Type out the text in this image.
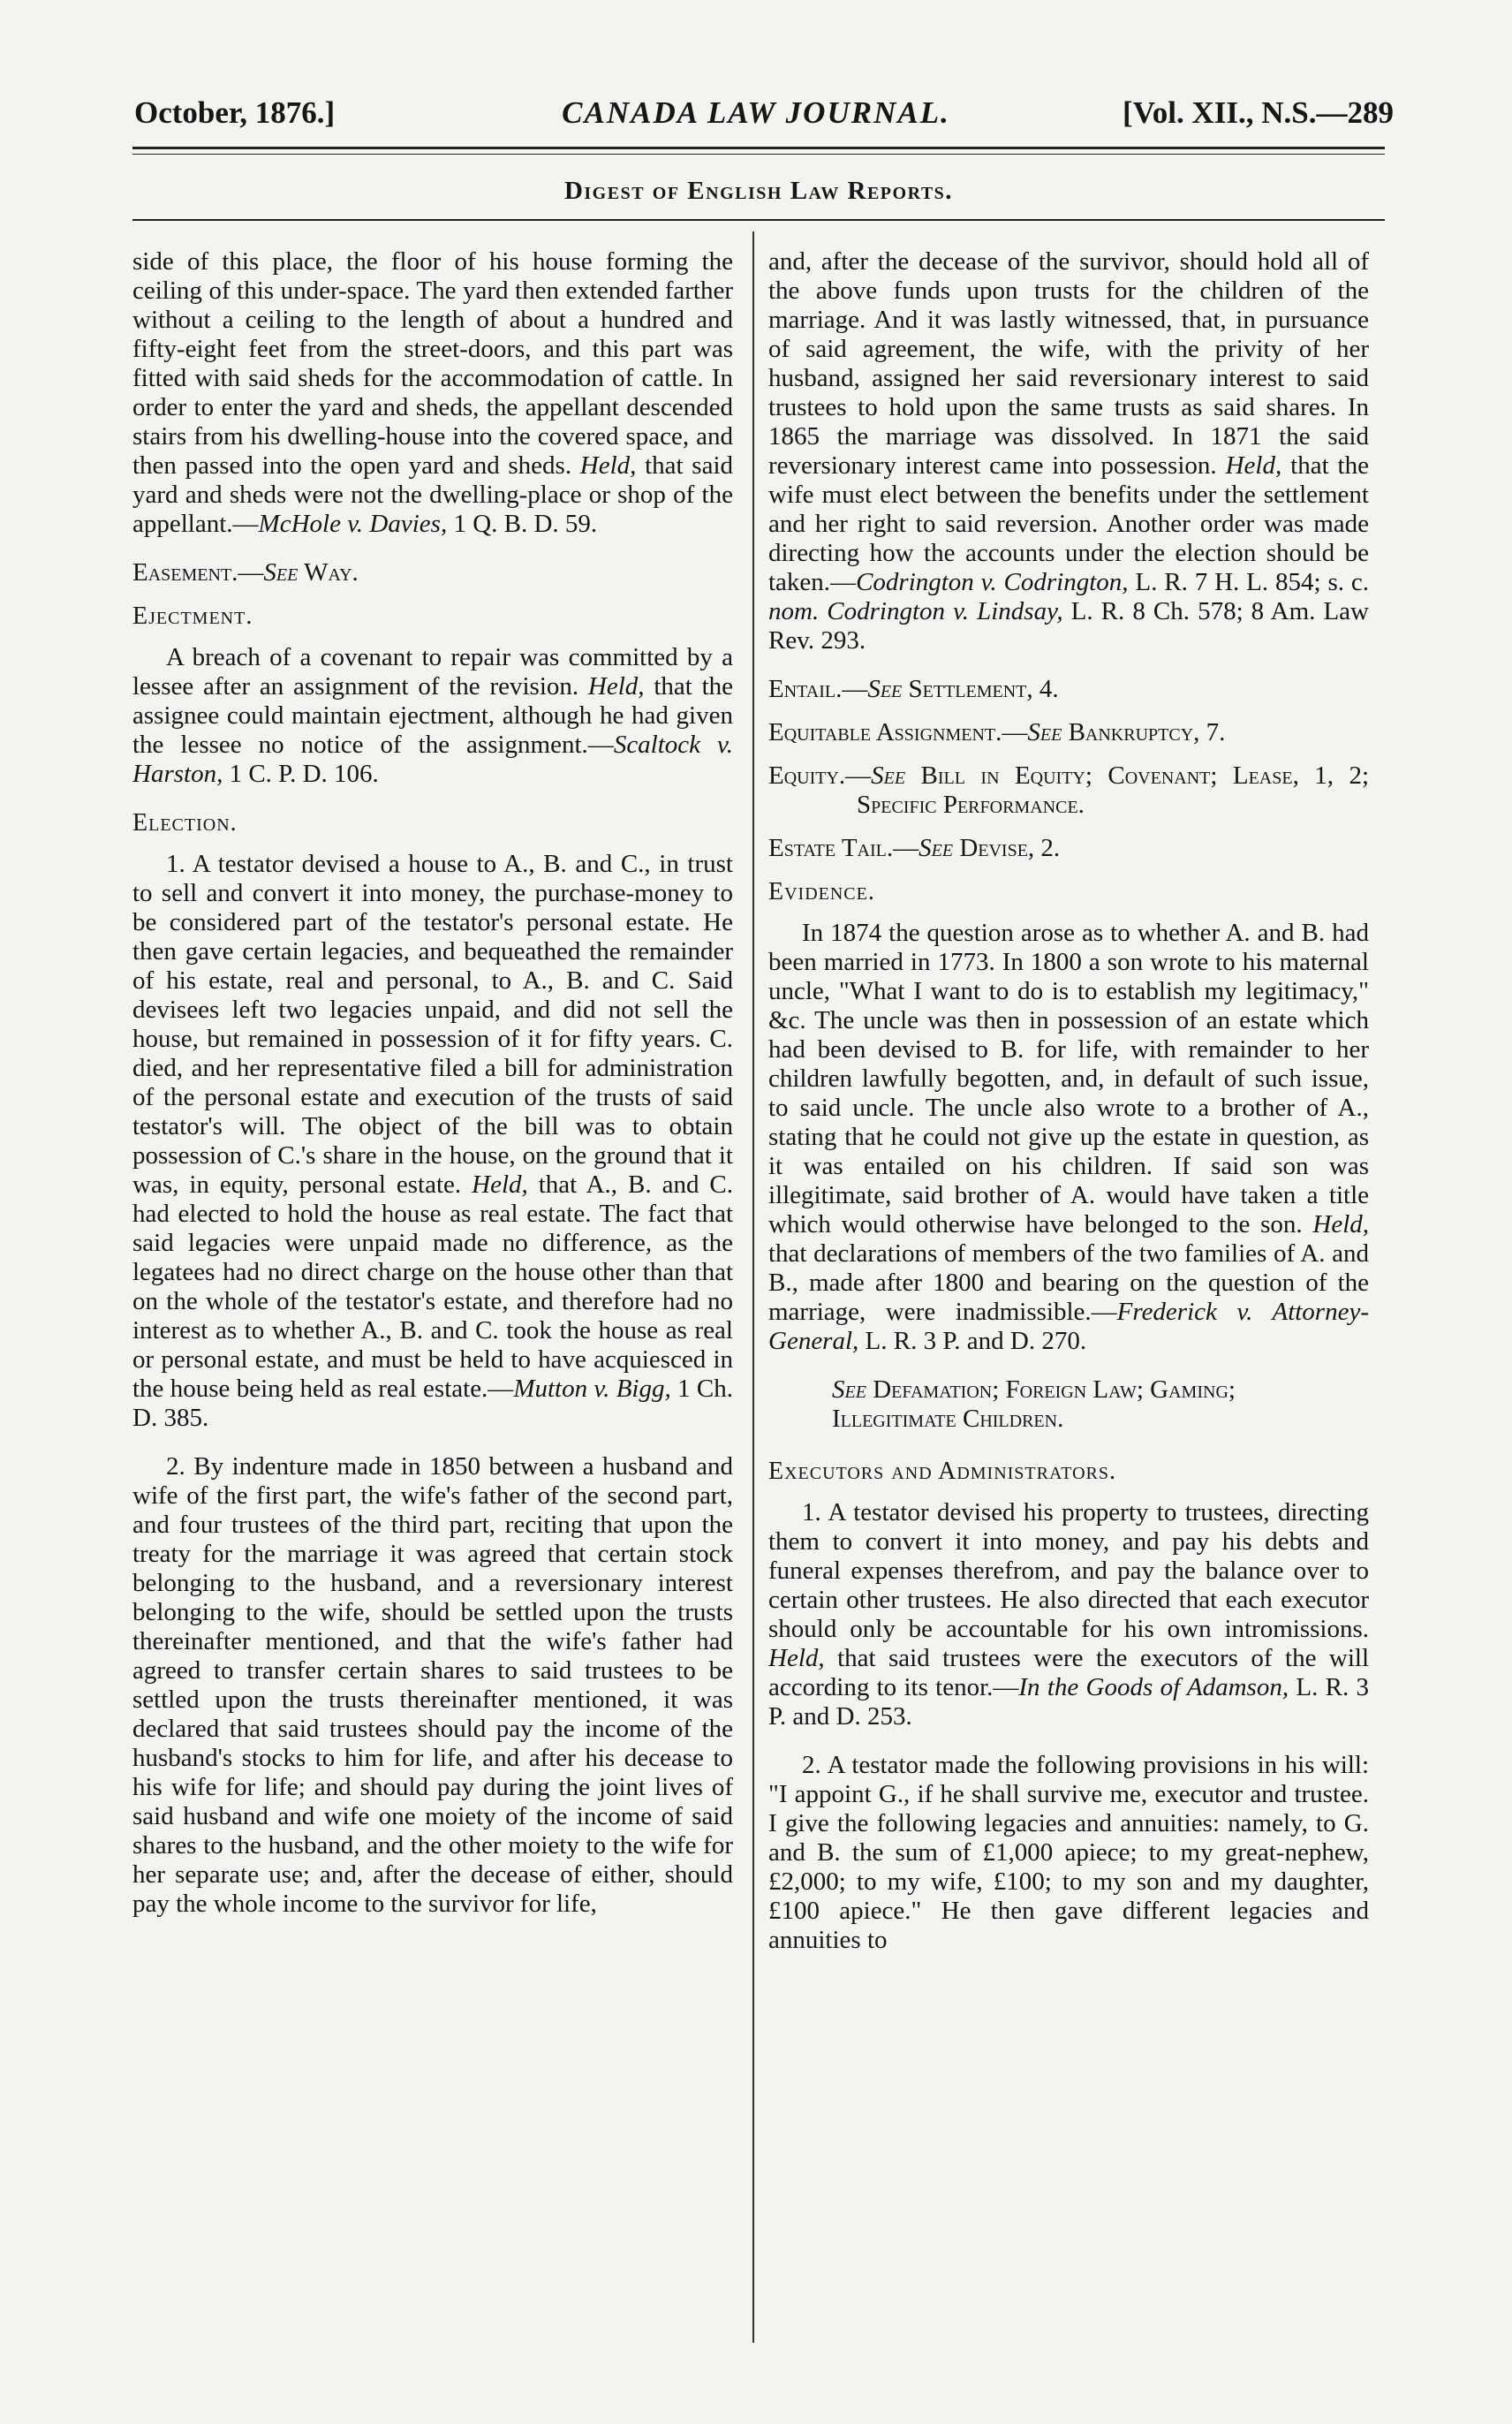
October, 1876.]	CANADA LAW JOURNAL.	[Vol. XII., N.S.—289
Digest of English Law Reports.

side of this place, the floor of his house forming the ceiling of this under-space. The yard then extended farther without a ceiling to the length of about a hundred and fifty-eight feet from the street-doors, and this part was fitted with said sheds for the accommodation of cattle. In order to enter the yard and sheds, the appellant descended stairs from his dwelling-house into the covered space, and then passed into the open yard and sheds. Held, that said yard and sheds were not the dwelling-place or shop of the appellant.—McHole v. Davies, 1 Q. B. D. 59.

Easement.—See Way.

Ejectment.

A breach of a covenant to repair was committed by a lessee after an assignment of the revision. Held, that the assignee could maintain ejectment, although he had given the lessee no notice of the assignment.—Scaltock v. Harston, 1 C. P. D. 106.

Election.

1. A testator devised a house to A., B. and C., in trust to sell and convert it into money, the purchase-money to be considered part of the testator's personal estate. He then gave certain legacies, and bequeathed the remainder of his estate, real and personal, to A., B. and C. Said devisees left two legacies unpaid, and did not sell the house, but remained in possession of it for fifty years. C. died, and her representative filed a bill for administration of the personal estate and execution of the trusts of said testator's will. The object of the bill was to obtain possession of C.'s share in the house, on the ground that it was, in equity, personal estate. Held, that A., B. and C. had elected to hold the house as real estate. The fact that said legacies were unpaid made no difference, as the legatees had no direct charge on the house other than that on the whole of the testator's estate, and therefore had no interest as to whether A., B. and C. took the house as real or personal estate, and must be held to have acquiesced in the house being held as real estate.—Mutton v. Bigg, 1 Ch. D. 385.

2. By indenture made in 1850 between a husband and wife of the first part, the wife's father of the second part, and four trustees of the third part, reciting that upon the treaty for the marriage it was agreed that certain stock belonging to the husband, and a reversionary interest belonging to the wife, should be settled upon the trusts thereinafter mentioned, and that the wife's father had agreed to transfer certain shares to said trustees to be settled upon the trusts thereinafter mentioned, it was declared that said trustees should pay the income of the husband's stocks to him for life, and after his decease to his wife for life; and should pay during the joint lives of said husband and wife one moiety of the income of said shares to the husband, and the other moiety to the wife for her separate use; and, after the decease of either, should pay the whole income to the survivor for life,

and, after the decease of the survivor, should hold all of the above funds upon trusts for the children of the marriage. And it was lastly witnessed, that, in pursuance of said agreement, the wife, with the privity of her husband, assigned her said reversionary interest to said trustees to hold upon the same trusts as said shares. In 1865 the marriage was dissolved. In 1871 the said reversionary interest came into possession. Held, that the wife must elect between the benefits under the settlement and her right to said reversion. Another order was made directing how the accounts under the election should be taken.—Codrington v. Codrington, L. R. 7 H. L. 854; s. c. nom. Codrington v. Lindsay, L. R. 8 Ch. 578; 8 Am. Law Rev. 293.

Entail.—See Settlement, 4.

Equitable Assignment.—See Bankruptcy, 7.

Equity.—See Bill in Equity; Covenant; Lease, 1, 2; Specific Performance.

Estate Tail.—See Devise, 2.

Evidence.

In 1874 the question arose as to whether A. and B. had been married in 1773. In 1800 a son wrote to his maternal uncle, "What I want to do is to establish my legitimacy," &c. The uncle was then in possession of an estate which had been devised to B. for life, with remainder to her children lawfully begotten, and, in default of such issue, to said uncle. The uncle also wrote to a brother of A., stating that he could not give up the estate in question, as it was entailed on his children. If said son was illegitimate, said brother of A. would have taken a title which would otherwise have belonged to the son. Held, that declarations of members of the two families of A. and B., made after 1800 and bearing on the question of the marriage, were inadmissible.—Frederick v. Attorney-General, L. R. 3 P. and D. 270.

See Defamation; Foreign Law; Gaming; Illegitimate Children.

Executors and Administrators.

1. A testator devised his property to trustees, directing them to convert it into money, and pay his debts and funeral expenses therefrom, and pay the balance over to certain other trustees. He also directed that each executor should only be accountable for his own intromissions. Held, that said trustees were the executors of the will according to its tenor.—In the Goods of Adamson, L. R. 3 P. and D. 253.

2. A testator made the following provisions in his will: "I appoint G., if he shall survive me, executor and trustee. I give the following legacies and annuities: namely, to G. and B. the sum of £1,000 apiece; to my great-nephew, £2,000; to my wife, £100; to my son and my daughter, £100 apiece." He then gave different legacies and annuities to
